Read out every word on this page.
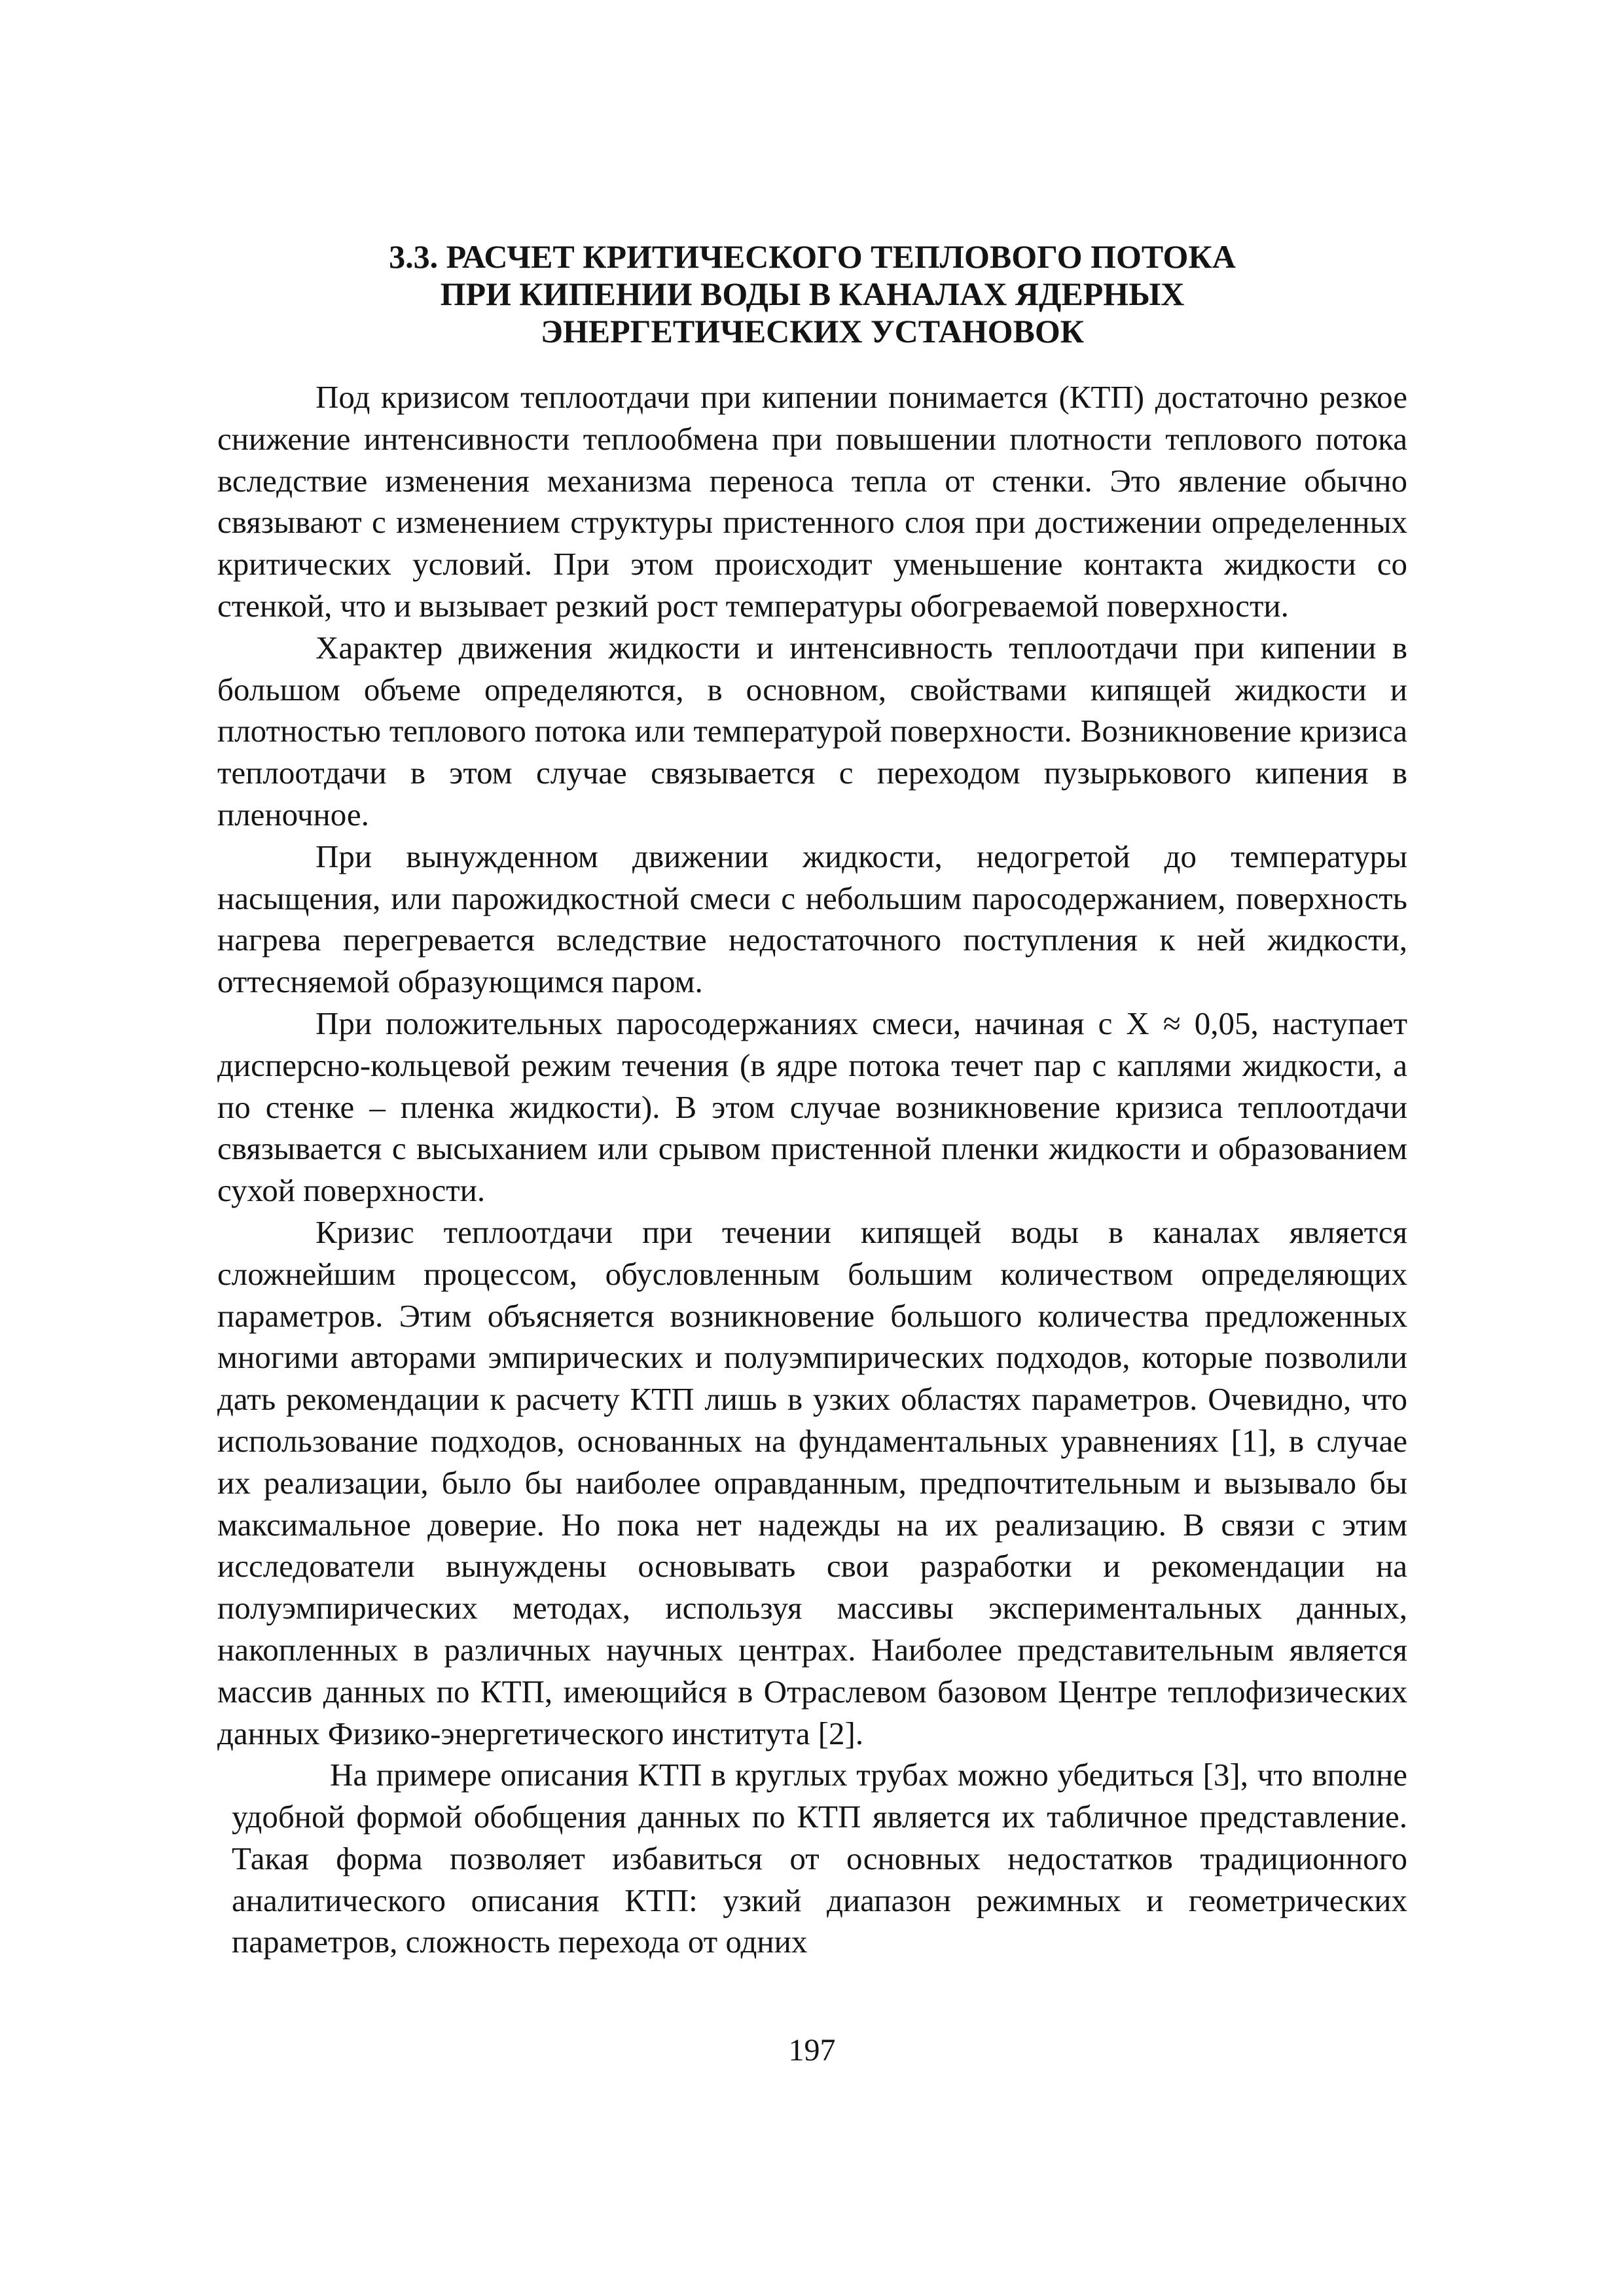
3.3. РАСЧЕТ КРИТИЧЕСКОГО ТЕПЛОВОГО ПОТОКА
ПРИ КИПЕНИИ ВОДЫ В КАНАЛАХ ЯДЕРНЫХ
ЭНЕРГЕТИЧЕСКИХ УСТАНОВОК

Под кризисом теплоотдачи при кипении понимается (КТП) достаточно резкое снижение интенсивности теплообмена при повышении плотности теплового потока вследствие изменения механизма переноса тепла от стенки. Это явление обычно связывают с изменением структуры пристенного слоя при достижении определенных критических условий. При этом происходит уменьшение контакта жидкости со стенкой, что и вызывает резкий рост температуры обогреваемой поверхности.

Характер движения жидкости и интенсивность теплоотдачи при кипении в большом объеме определяются, в основном, свойствами кипящей жидкости и плотностью теплового потока или температурой поверхности. Возникновение кризиса теплоотдачи в этом случае связывается с переходом пузырькового кипения в пленочное.

При вынужденном движении жидкости, недогретой до температуры насыщения, или парожидкостной смеси с небольшим паросодержанием, поверхность нагрева перегревается вследствие недостаточного поступления к ней жидкости, оттесняемой образующимся паром.

При положительных паросодержаниях смеси, начиная с X ≈ 0,05, наступает дисперсно-кольцевой режим течения (в ядре потока течет пар с каплями жидкости, а по стенке – пленка жидкости). В этом случае возникновение кризиса теплоотдачи связывается с высыханием или срывом пристенной пленки жидкости и образованием сухой поверхности.

Кризис теплоотдачи при течении кипящей воды в каналах является сложнейшим процессом, обусловленным большим количеством определяющих параметров. Этим объясняется возникновение большого количества предложенных многими авторами эмпирических и полуэмпирических подходов, которые позволили дать рекомендации к расчету КТП лишь в узких областях параметров. Очевидно, что использование подходов, основанных на фундаментальных уравнениях [1], в случае их реализации, было бы наиболее оправданным, предпочтительным и вызывало бы максимальное доверие. Но пока нет надежды на их реализацию. В связи с этим исследователи вынуждены основывать свои разработки и рекомендации на полуэмпирических методах, используя массивы экспериментальных данных, накопленных в различных научных центрах. Наиболее представительным является массив данных по КТП, имеющийся в Отраслевом базовом Центре теплофизических данных Физико-энергетического института [2].

На примере описания КТП в круглых трубах можно убедиться [3], что вполне удобной формой обобщения данных по КТП является их табличное представление. Такая форма позволяет избавиться от основных недостатков традиционного аналитического описания КТП: узкий диапазон режимных и геометрических параметров, сложность перехода от одних

197
